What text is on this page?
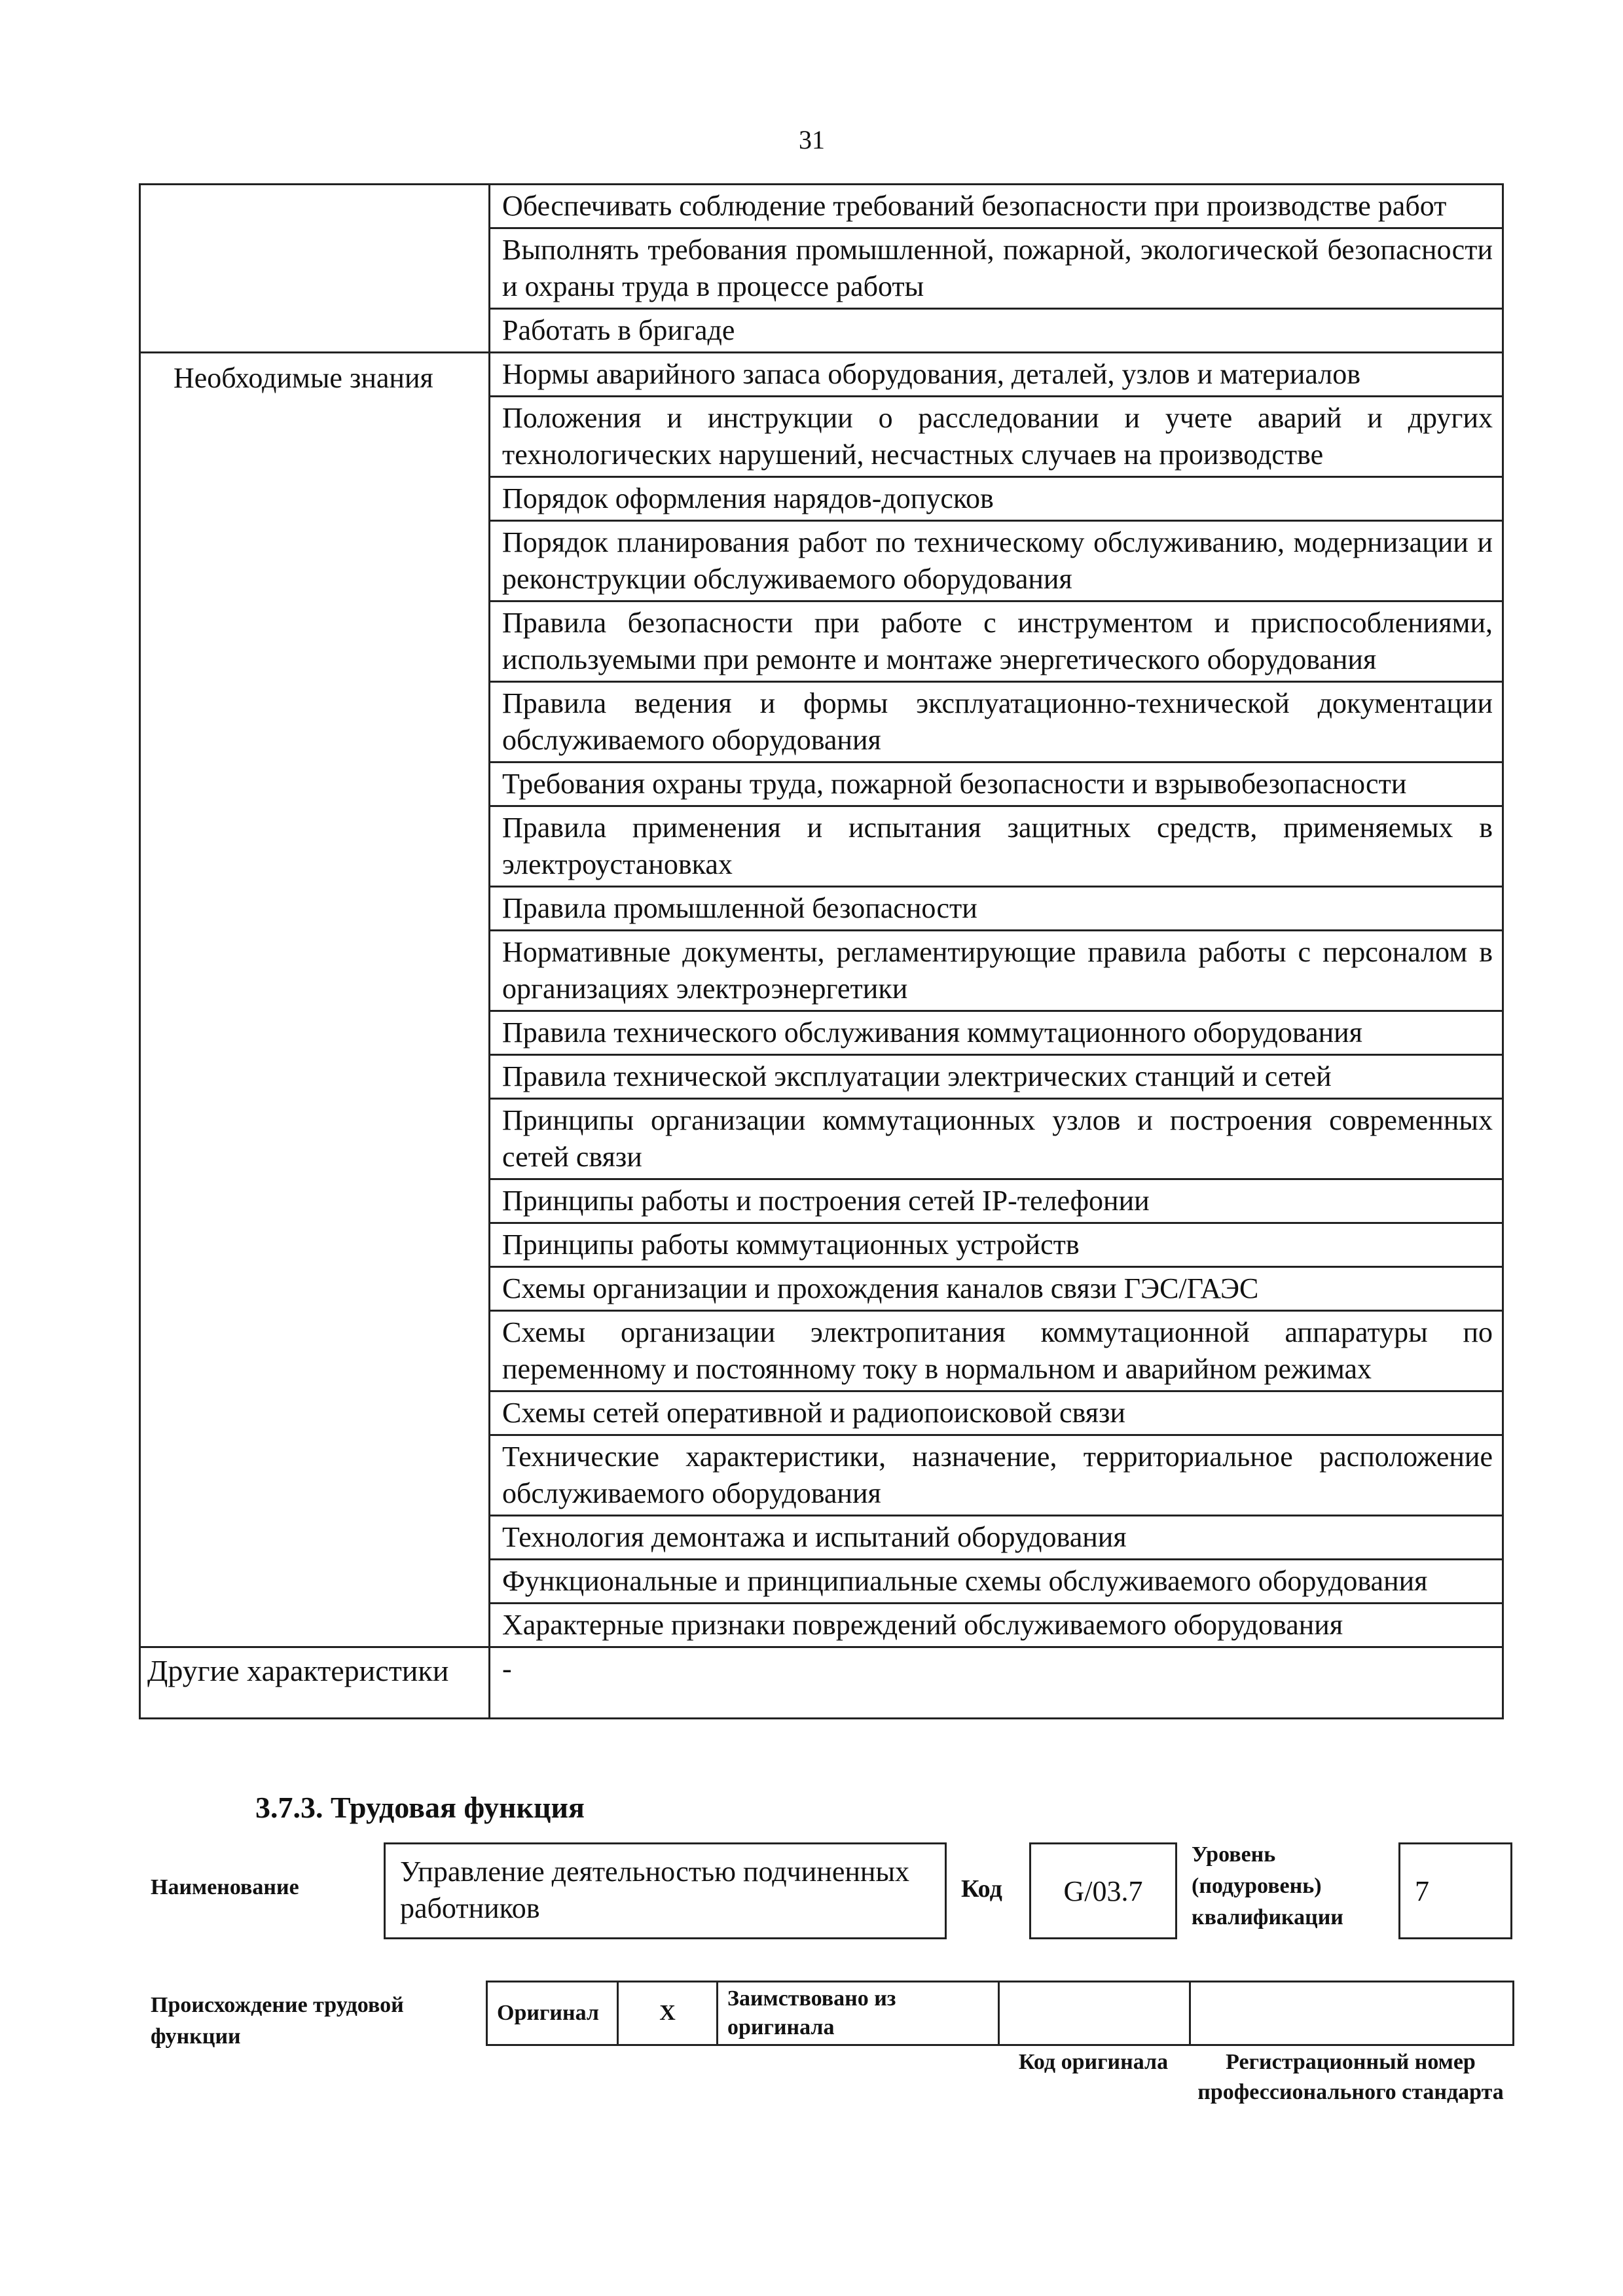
31
	Обеспечивать соблюдение требований безопасности при производстве работ
	Выполнять требования промышленной, пожарной, экологической безопасности и охраны труда в процессе работы
	Работать в бригаде
Необходимые знания	Нормы аварийного запаса оборудования, деталей, узлов и материалов
	Положения и инструкции о расследовании и учете аварий и других технологических нарушений, несчастных случаев на производстве
	Порядок оформления нарядов-допусков
	Порядок планирования работ по техническому обслуживанию, модернизации и реконструкции обслуживаемого оборудования
	Правила безопасности при работе с инструментом и приспособлениями, используемыми при ремонте и монтаже энергетического оборудования
	Правила ведения и формы эксплуатационно-технической документации обслуживаемого оборудования
	Требования охраны труда, пожарной безопасности и взрывобезопасности
	Правила применения и испытания защитных средств, применяемых в электроустановках
	Правила промышленной безопасности
	Нормативные документы, регламентирующие правила работы с персоналом в организациях электроэнергетики
	Правила технического обслуживания коммутационного оборудования
	Правила технической эксплуатации электрических станций и сетей
	Принципы организации коммутационных узлов и построения современных сетей связи
	Принципы работы и построения сетей IP-телефонии
	Принципы работы коммутационных устройств
	Схемы организации и прохождения каналов связи ГЭС/ГАЭС
	Схемы организации электропитания коммутационной аппаратуры по переменному и постоянному току в нормальном и аварийном режимах
	Схемы сетей оперативной и радиопоисковой связи
	Технические характеристики, назначение, территориальное расположение обслуживаемого оборудования
	Технология демонтажа и испытаний оборудования
	Функциональные и принципиальные схемы обслуживаемого оборудования
	Характерные признаки повреждений обслуживаемого оборудования
Другие характеристики	-
3.7.3. Трудовая функция
Наименование	Управление деятельностью подчиненных работников
Код G/03.7
Уровень (подуровень) квалификации
7
Происхождение трудовой функции
Оригинал	X	Заимствовано из оригинала		
Код оригинала	Регистрационный номер профессионального стандарта
